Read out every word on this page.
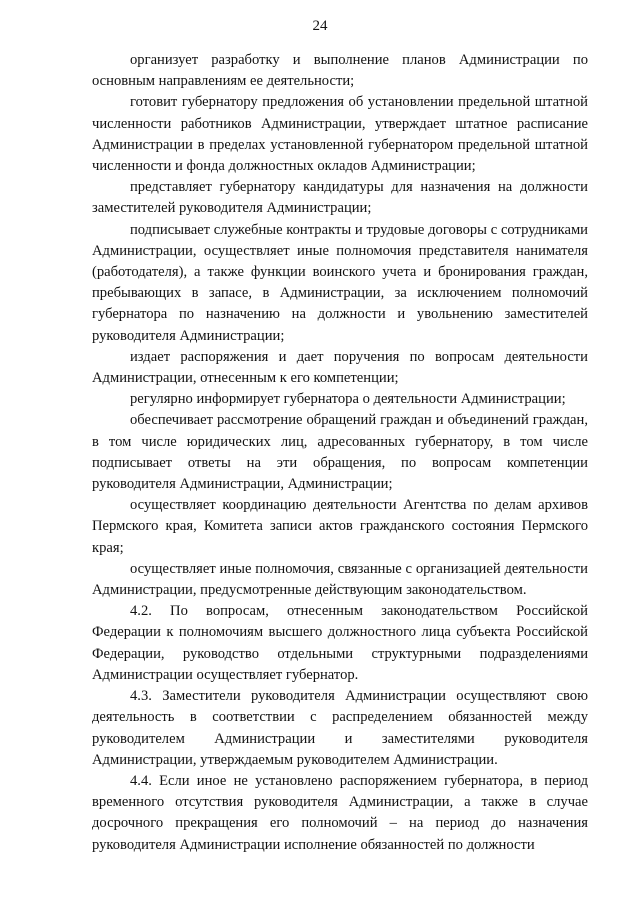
24

организует разработку и выполнение планов Администрации по основным направлениям ее деятельности;

готовит губернатору предложения об установлении предельной штатной численности работников Администрации, утверждает штатное расписание Администрации в пределах установленной губернатором предельной штатной численности и фонда должностных окладов Администрации;

представляет губернатору кандидатуры для назначения на должности заместителей руководителя Администрации;

подписывает служебные контракты и трудовые договоры с сотрудниками Администрации, осуществляет иные полномочия представителя нанимателя (работодателя), а также функции воинского учета и бронирования граждан, пребывающих в запасе, в Администрации, за исключением полномочий губернатора по назначению на должности и увольнению заместителей руководителя Администрации;

издает распоряжения и дает поручения по вопросам деятельности Администрации, отнесенным к его компетенции;

регулярно информирует губернатора о деятельности Администрации;

обеспечивает рассмотрение обращений граждан и объединений граждан, в том числе юридических лиц, адресованных губернатору, в том числе подписывает ответы на эти обращения, по вопросам компетенции руководителя Администрации, Администрации;

осуществляет координацию деятельности Агентства по делам архивов Пермского края, Комитета записи актов гражданского состояния Пермского края;

осуществляет иные полномочия, связанные с организацией деятельности Администрации, предусмотренные действующим законодательством.

4.2. По вопросам, отнесенным законодательством Российской Федерации к полномочиям высшего должностного лица субъекта Российской Федерации, руководство отдельными структурными подразделениями Администрации осуществляет губернатор.

4.3. Заместители руководителя Администрации осуществляют свою деятельность в соответствии с распределением обязанностей между руководителем Администрации и заместителями руководителя Администрации, утверждаемым руководителем Администрации.

4.4. Если иное не установлено распоряжением губернатора, в период временного отсутствия руководителя Администрации, а также в случае досрочного прекращения его полномочий – на период до назначения руководителя Администрации исполнение обязанностей по должности
